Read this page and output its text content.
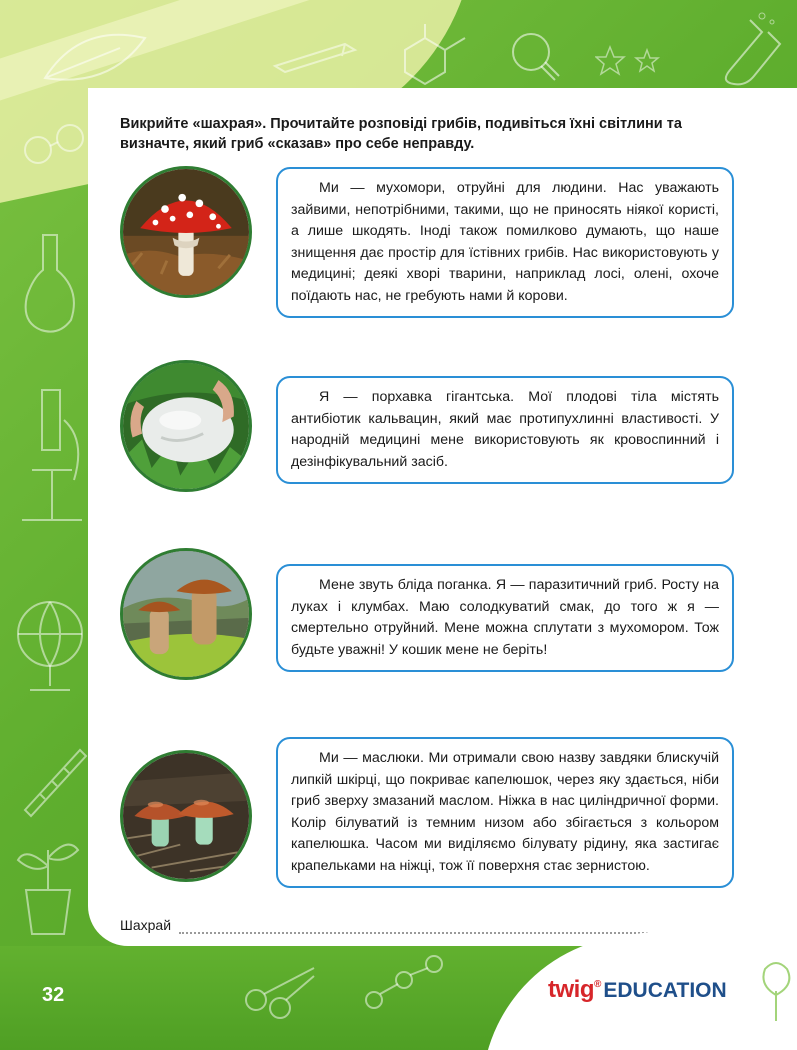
Викрийте «шахрая». Прочитайте розповіді грибів, подивіться їхні світлини та визначте, який гриб «сказав» про себе неправду.
Ми — мухомори, отруйні для людини. Нас уважають зайвими, непотрібними, такими, що не приносять ніякої користі, а лише шкодять. Іноді також помилково думають, що наше знищення дає простір для їстівних грибів. Нас використовують у медицині; деякі хворі тварини, наприклад лосі, олені, охоче поїдають нас, не гребують нами й корови.
Я — порхавка гігантська. Мої плодові тіла містять антибіотик кальвацин, який має протипухлинні властивості. У народній медицині мене використовують як кровоспинний і дезінфікувальний засіб.
Мене звуть бліда поганка. Я — паразитичний гриб. Росту на луках і клумбах. Маю солодкуватий смак, до того ж я — смертельно отруйний. Мене можна сплутати з мухомором. Тож будьте уважні! У кошик мене не беріть!
Ми — маслюки. Ми отримали свою назву завдяки блискучій липкій шкірці, що покриває капелюшок, через яку здається, ніби гриб зверху змазаний маслом. Ніжка в нас циліндричної форми. Колір білуватий із темним низом або збігається з кольором капелюшка. Часом ми виділяємо білувату рідину, яка застигає крапельками на ніжці, тож її поверхня стає зернистою.
Шахрай
32	twig ® EDUCATION
